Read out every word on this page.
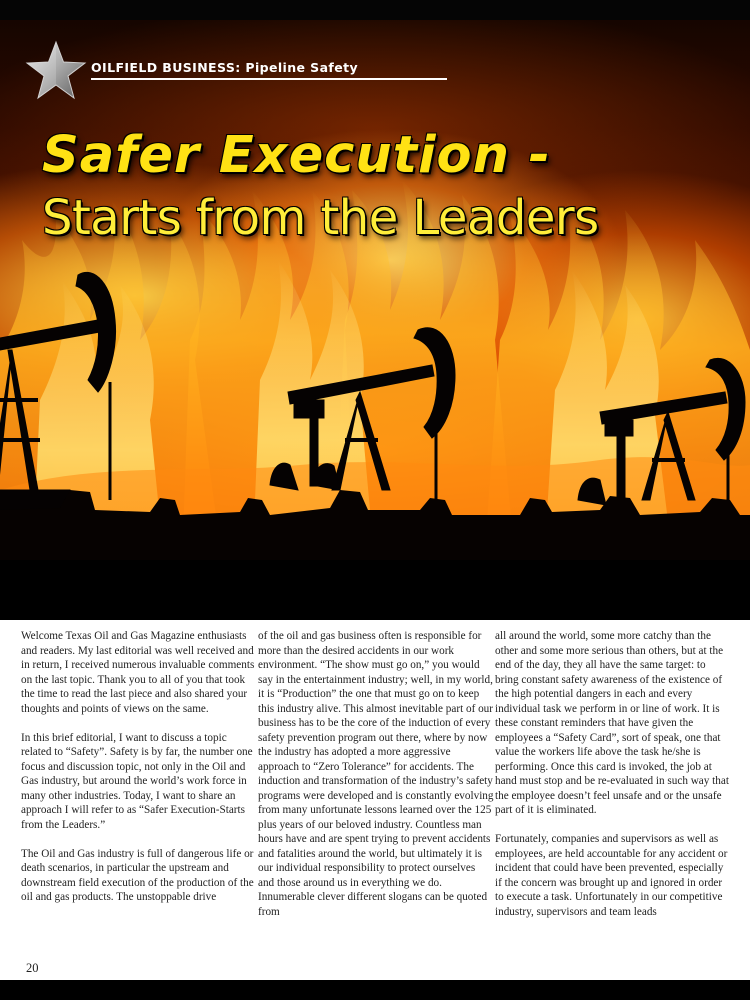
OILFIELD BUSINESS: Pipeline Safety
Safer Execution -
Starts from the Leaders

Welcome Texas Oil and Gas Magazine enthusiasts and readers. My last editorial was well received and in return, I received numerous invaluable comments on the last topic. Thank you to all of you that took the time to read the last piece and also shared your thoughts and points of views on the same.

In this brief editorial, I want to discuss a topic related to “Safety”. Safety is by far, the number one focus and discussion topic, not only in the Oil and Gas industry, but around the world’s work force in many other industries. Today, I want to share an approach I will refer to as “Safer Execution-Starts from the Leaders.”

The Oil and Gas industry is full of dangerous life or death scenarios, in particular the upstream and downstream field execution of the production of the oil and gas products. The unstoppable drive

of the oil and gas business often is responsible for more than the desired accidents in our work environment. “The show must go on,” you would say in the entertainment industry; well, in my world, it is “Production” the one that must go on to keep this industry alive. This almost inevitable part of our business has to be the core of the induction of every safety prevention program out there, where by now the industry has adopted a more aggressive approach to “Zero Tolerance” for accidents. The induction and transformation of the industry’s safety programs were developed and is constantly evolving from many unfortunate lessons learned over the 125 plus years of our beloved industry. Countless man hours have and are spent trying to prevent accidents and fatalities around the world, but ultimately it is our individual responsibility to protect ourselves and those around us in everything we do. Innumerable clever different slogans can be quoted from

all around the world, some more catchy than the other and some more serious than others, but at the end of the day, they all have the same target: to bring constant safety awareness of the existence of the high potential dangers in each and every individual task we perform in or line of work. It is these constant reminders that have given the employees a “Safety Card”, sort of speak, one that value the workers life above the task he/she is performing. Once this card is invoked, the job at hand must stop and be re-evaluated in such way that the employee doesn’t feel unsafe and or the unsafe part of it is eliminated.

Fortunately, companies and supervisors as well as employees, are held accountable for any accident or incident that could have been prevented, especially if the concern was brought up and ignored in order to execute a task. Unfortunately in our competitive industry, supervisors and team leads

20
